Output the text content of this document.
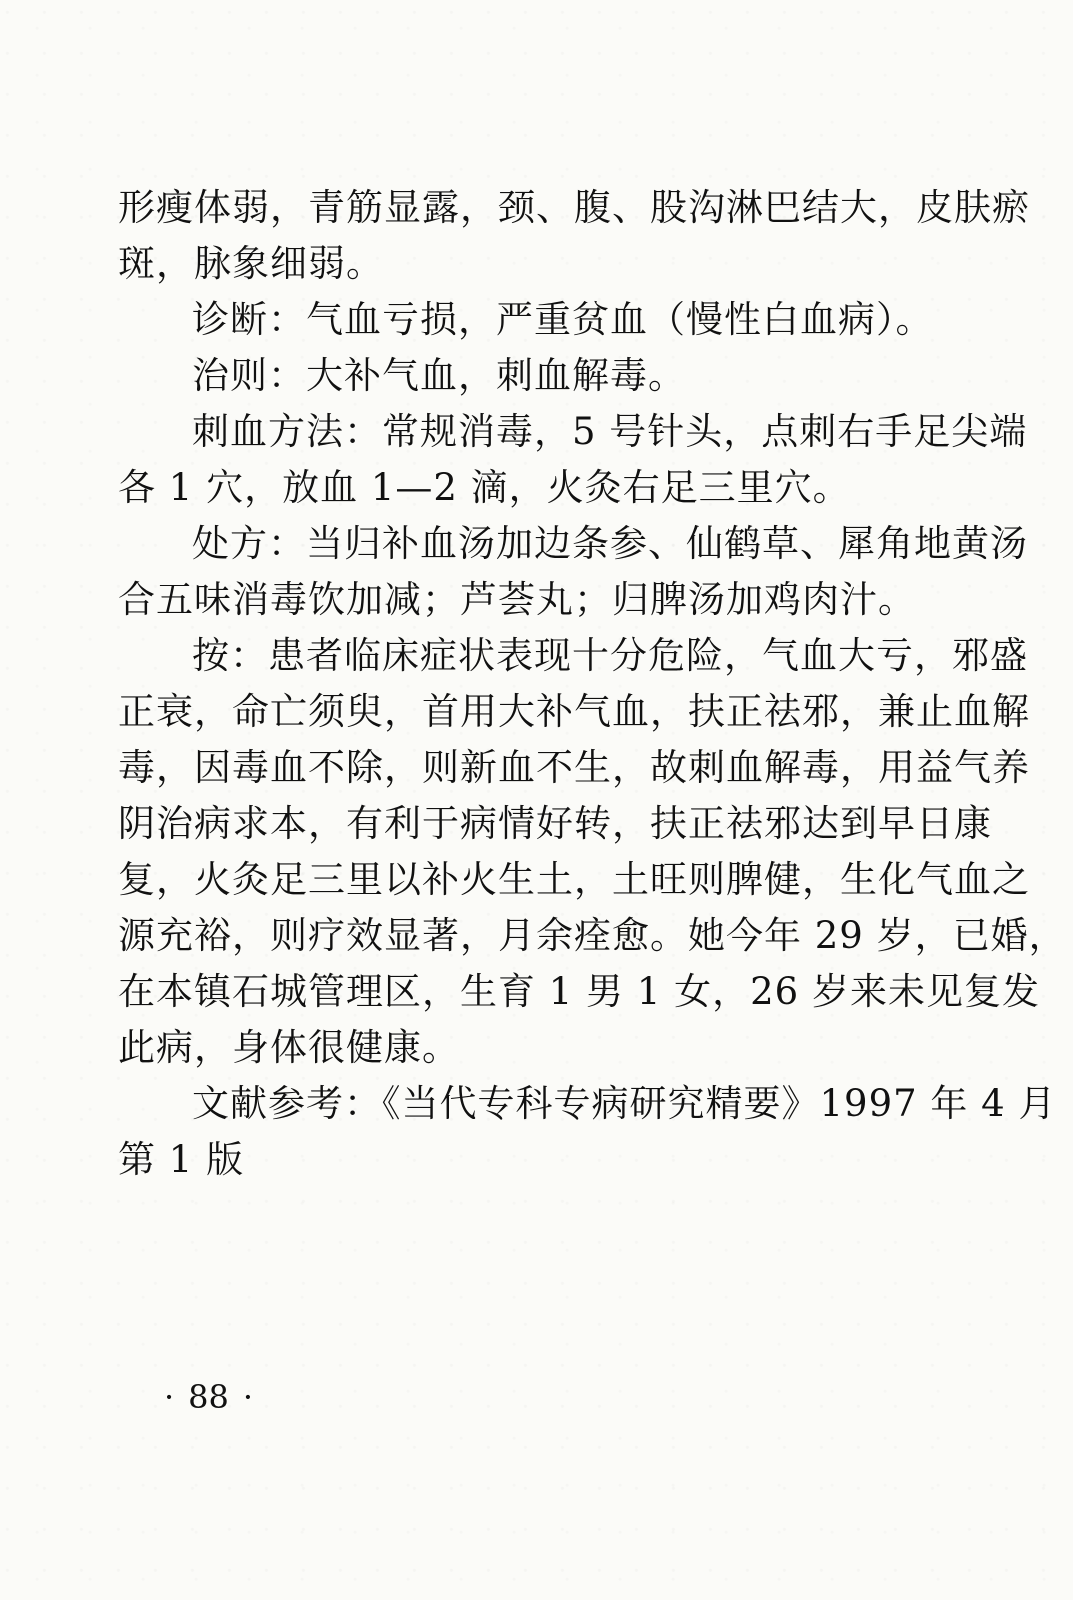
形瘦体弱，青筋显露，颈、腹、股沟淋巴结大，皮肤瘀
斑，脉象细弱。
诊断：气血亏损，严重贫血（慢性白血病）。
治则：大补气血，刺血解毒。
刺血方法：常规消毒，5 号针头，点刺右手足尖端
各 1 穴，放血 1—2 滴，火灸右足三里穴。
处方：当归补血汤加边条参、仙鹤草、犀角地黄汤
合五味消毒饮加减；芦荟丸；归脾汤加鸡肉汁。
按：患者临床症状表现十分危险，气血大亏，邪盛
正衰，命亡须臾，首用大补气血，扶正祛邪，兼止血解
毒，因毒血不除，则新血不生，故刺血解毒，用益气养
阴治病求本，有利于病情好转，扶正祛邪达到早日康
复，火灸足三里以补火生土，土旺则脾健，生化气血之
源充裕，则疗效显著，月余痊愈。她今年 29 岁，已婚，
在本镇石城管理区，生育 1 男 1 女，26 岁来未见复发
此病，身体很健康。
文献参考：《当代专科专病研究精要》1997 年 4 月
第 1 版
· 88 ·
